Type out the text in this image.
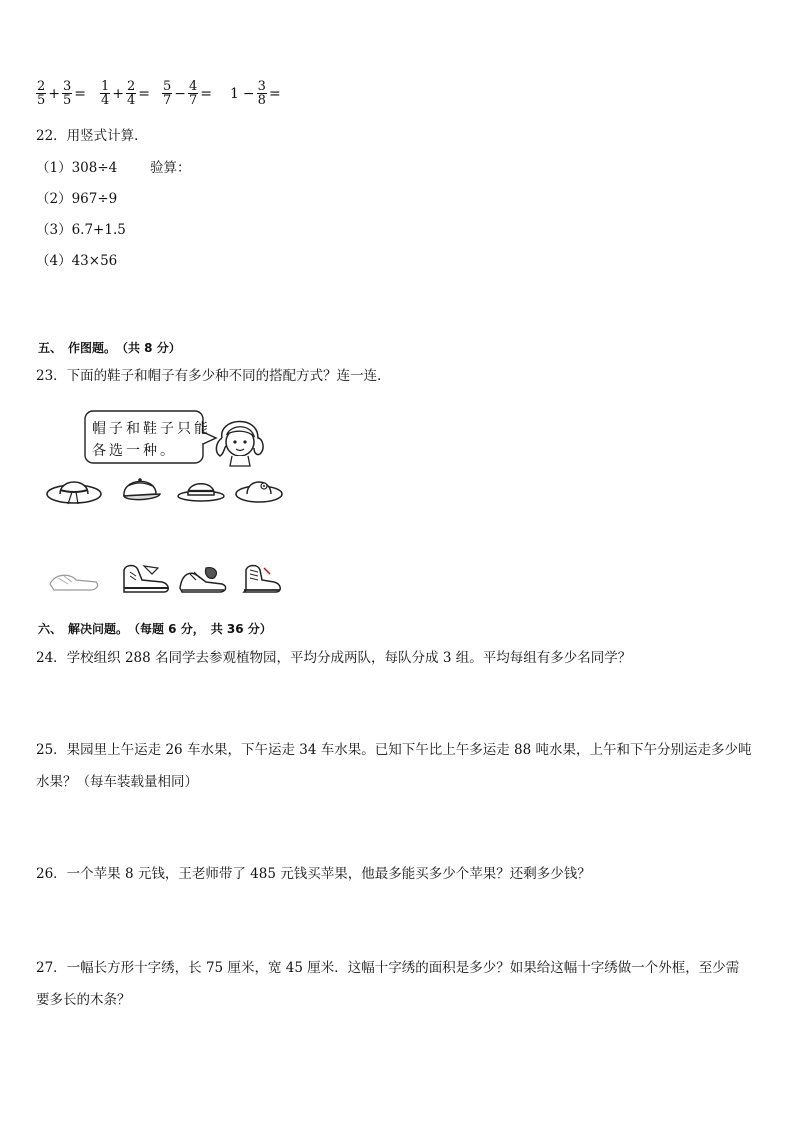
$\frac{2}{5} + \frac{3}{5} = \frac{1}{4} + \frac{2}{4} = \frac{5}{7} - \frac{4}{7} = 1 - \frac{3}{8}$ =
22．用竖式计算．
（1）308÷4 验算：
（2）967÷9
（3）6.7+1.5
（4）43×56
五、　作图题。　（共 8 分）
23．下面的鞋子和帽子有多少种不同的搭配方式？连一连．
帽子和鞋子只能
各选一种。
六、　解决问题。　（每题 6 分，　共 36 分）
24．学校组织 288 名同学去参观植物园，平均分成两队，每队分成 3 组。平均每组有多少名同学？
25．果园里上午运走 26 车水果，下午运走 34 车水果。已知下午比上午多运走 88 吨水果，上午和下午分别运走多少吨
水果？（每车装载量相同）
26．一个苹果 8 元钱，王老师带了 485 元钱买苹果，他最多能买多少个苹果？还剩多少钱？
27．一幅长方形十字绣，长 75 厘米，宽 45 厘米．这幅十字绣的面积是多少？如果给这幅十字绣做一个外框，至少需
要多长的木条？
